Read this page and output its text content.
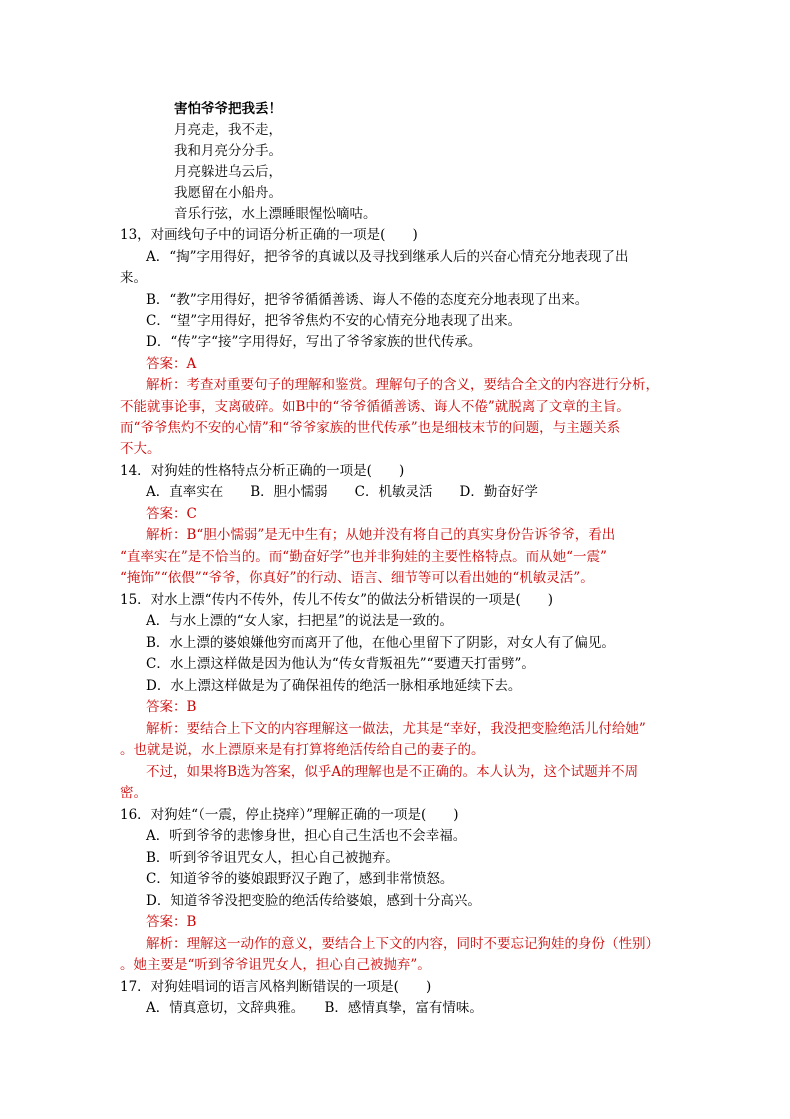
害怕爷爷把我丢！
月亮走，我不走，
我和月亮分分手。
月亮躲进乌云后，
我愿留在小船舟。
音乐行弦，水上漂睡眼惺忪嘀咕。
13，对画线句子中的词语分析正确的一项是(　　)
A．“掏”字用得好，把爷爷的真诚以及寻找到继承人后的兴奋心情充分地表现了出
来。
B．“教”字用得好，把爷爷循循善诱、诲人不倦的态度充分地表现了出来。
C．“望”字用得好，把爷爷焦灼不安的心情充分地表现了出来。
D．“传”字“接”字用得好，写出了爷爷家族的世代传承。
答案：A
解析：考查对重要句子的理解和鉴赏。理解句子的含义，要结合全文的内容进行分析，
不能就事论事，支离破碎。如B中的“爷爷循循善诱、诲人不倦”就脱离了文章的主旨。
而“爷爷焦灼不安的心情”和“爷爷家族的世代传承”也是细枝末节的问题，与主题关系
不大。
14．对狗娃的性格特点分析正确的一项是(　　)
A．直率实在　　B．胆小懦弱　　C．机敏灵活　　D．勤奋好学
答案：C
解析：B“胆小懦弱”是无中生有；从她并没有将自己的真实身份告诉爷爷，看出
“直率实在”是不恰当的。而“勤奋好学”也并非狗娃的主要性格特点。而从她“一震”
“掩饰”“依偎”“爷爷，你真好”的行动、语言、细节等可以看出她的“机敏灵活”。
15．对水上漂“传内不传外，传儿不传女”的做法分析错误的一项是(　　)
A．与水上漂的“女人家，扫把星”的说法是一致的。
B．水上漂的婆娘嫌他穷而离开了他，在他心里留下了阴影，对女人有了偏见。
C．水上漂这样做是因为他认为“传女背叛祖先”“要遭天打雷劈”。
D．水上漂这样做是为了确保祖传的绝活一脉相承地延续下去。
答案：B
解析：要结合上下文的内容理解这一做法，尤其是“幸好，我没把变脸绝活儿付给她”
。也就是说，水上漂原来是有打算将绝活传给自己的妻子的。
不过，如果将B选为答案，似乎A的理解也是不正确的。本人认为，这个试题并不周
密。
16．对狗娃“（一震，停止挠痒）”理解正确的一项是(　　)
A．听到爷爷的悲惨身世，担心自己生活也不会幸福。
B．听到爷爷诅咒女人，担心自己被抛弃。
C．知道爷爷的婆娘跟野汉子跑了，感到非常愤怒。
D．知道爷爷没把变脸的绝活传给婆娘，感到十分高兴。
答案：B
解析：理解这一动作的意义，要结合上下文的内容，同时不要忘记狗娃的身份（性别）
。她主要是“听到爷爷诅咒女人，担心自己被抛弃”。
17．对狗娃唱词的语言风格判断错误的一项是(　　)
A．情真意切，文辞典雅。　　B．感情真挚，富有情味。
